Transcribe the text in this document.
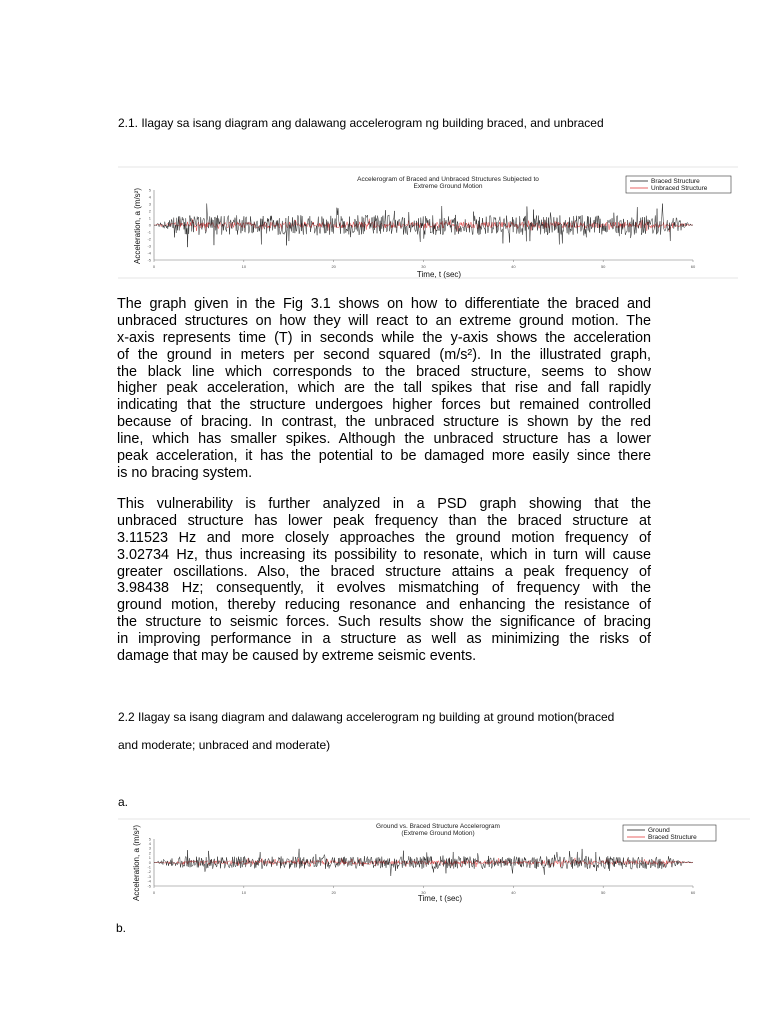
2.1. Ilagay sa isang diagram ang dalawang accelerogram ng building braced, and unbraced
Accelerogram of Braced and Unbraced Structures Subjected to
Extreme Ground Motion
Acceleration, a (m/s²)
Time, t (sec)
Braced Structure
Unbraced Structure
0	10	20	30	40	50	60
-5
-4
-3
-2
-1
0
1
2
3
4
5
The graph given in the Fig 3.1 shows on how to differentiate the braced and
unbraced structures on how they will react to an extreme ground motion. The
x-axis represents time (T) in seconds while the y-axis shows the acceleration
of the ground in meters per second squared (m/s²). In the illustrated graph,
the black line which corresponds to the braced structure, seems to show
higher peak acceleration, which are the tall spikes that rise and fall rapidly
indicating that the structure undergoes higher forces but remained controlled
because of bracing. In contrast, the unbraced structure is shown by the red
line, which has smaller spikes. Although the unbraced structure has a lower
peak acceleration, it has the potential to be damaged more easily since there
is no bracing system.
This vulnerability is further analyzed in a PSD graph showing that the
unbraced structure has lower peak frequency than the braced structure at
3.11523 Hz and more closely approaches the ground motion frequency of
3.02734 Hz, thus increasing its possibility to resonate, which in turn will cause
greater oscillations. Also, the braced structure attains a peak frequency of
3.98438 Hz; consequently, it evolves mismatching of frequency with the
ground motion, thereby reducing resonance and enhancing the resistance of
the structure to seismic forces. Such results show the significance of bracing
in improving performance in a structure as well as minimizing the risks of
damage that may be caused by extreme seismic events.
2.2 Ilagay sa isang diagram and dalawang accelerogram ng building at ground motion(braced
and moderate; unbraced and moderate)
a.
Ground vs. Braced Structure Accelerogram
(Extreme Ground Motion)
Acceleration, a (m/s²)	Time, t (sec)
Ground
Braced Structure
0	10	20	30	40	50	60
-5
-4
-3
-2
-1
0
1
2
3
4
5
b.
